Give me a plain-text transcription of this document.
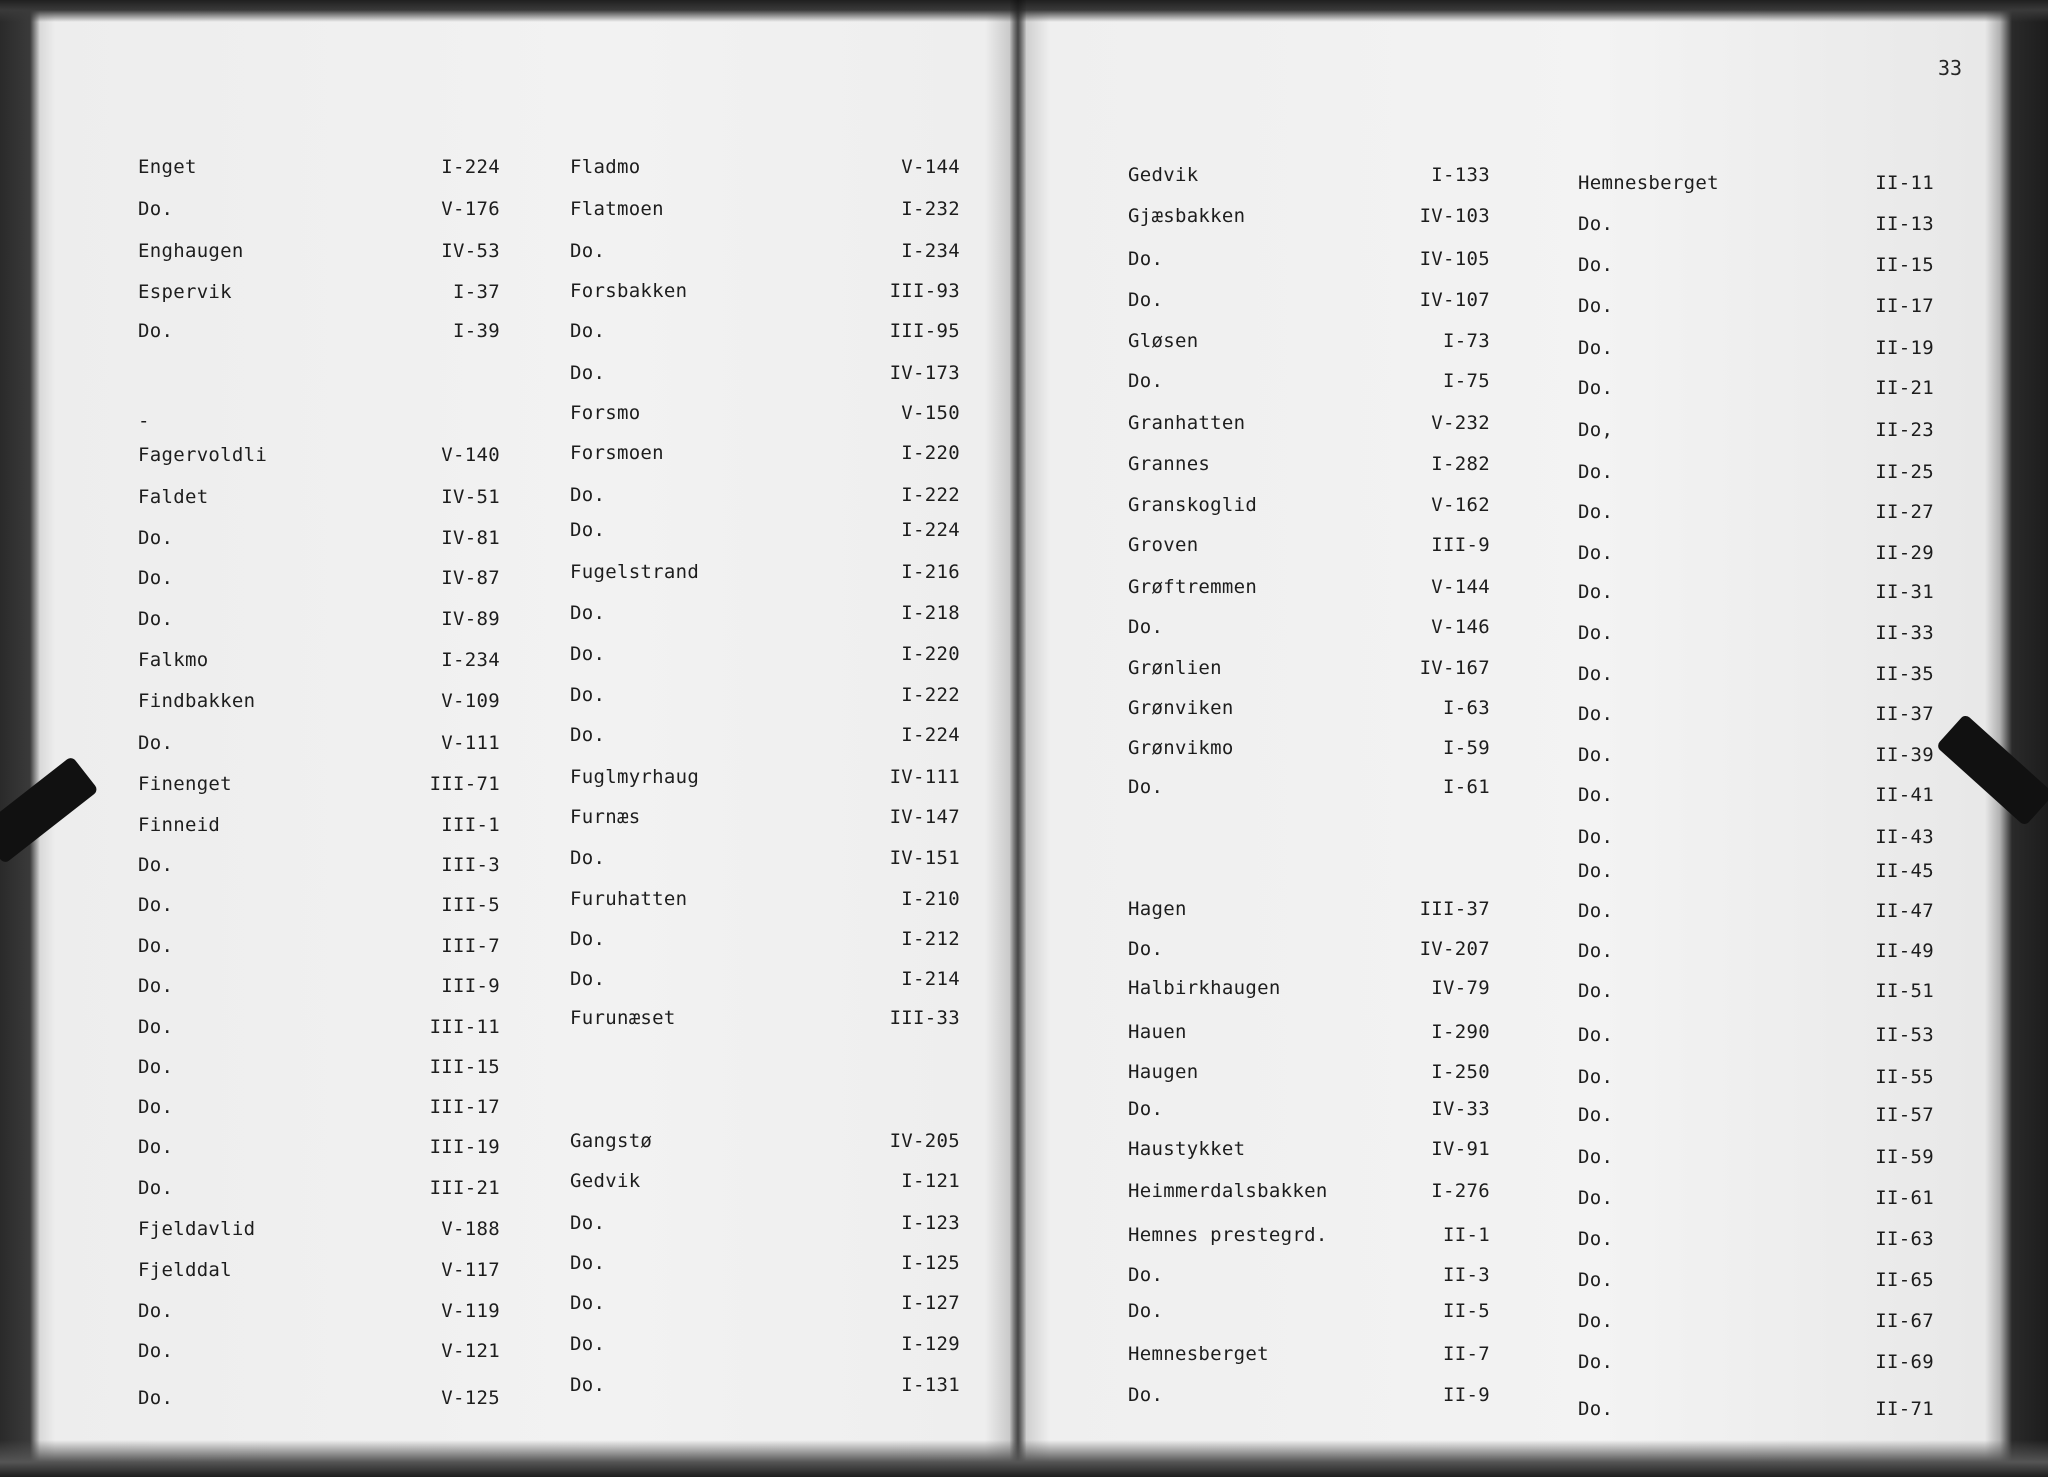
33
Enget	I-224
Do.	V-176
Enghaugen	IV-53
Espervik	I-37
Do.	I-39
-
Fagervoldli	V-140
Faldet	IV-51
Do.	IV-81
Do.	IV-87
Do.	IV-89
Falkmo	I-234
Findbakken	V-109
Do.	V-111
Finenget	III-71
Finneid	III-1
Do.	III-3
Do.	III-5
Do.	III-7
Do.	III-9
Do.	III-11
Do.	III-15
Do.	III-17
Do.	III-19
Do.	III-21
Fjeldavlid	V-188
Fjelddal	V-117
Do.	V-119
Do.	V-121
Do.	V-125
Fladmo	V-144
Flatmoen	I-232
Do.	I-234
Forsbakken	III-93
Do.	III-95
Do.	IV-173
Forsmo	V-150
Forsmoen	I-220
Do.	I-222
Do.	I-224
Fugelstrand	I-216
Do.	I-218
Do.	I-220
Do.	I-222
Do.	I-224
Fuglmyrhaug	IV-111
Furnæs	IV-147
Do.	IV-151
Furuhatten	I-210
Do.	I-212
Do.	I-214
Furunæset	III-33
Gangstø	IV-205
Gedvik	I-121
Do.	I-123
Do.	I-125
Do.	I-127
Do.	I-129
Do.	I-131
Gedvik	I-133
Gjæsbakken	IV-103
Do.	IV-105
Do.	IV-107
Gløsen	I-73
Do.	I-75
Granhatten	V-232
Grannes	I-282
Granskoglid	V-162
Groven	III-9
Grøftremmen	V-144
Do.	V-146
Grønlien	IV-167
Grønviken	I-63
Grønvikmo	I-59
Do.	I-61
Hagen	III-37
Do.	IV-207
Halbirkhaugen	IV-79
Hauen	I-290
Haugen	I-250
Do.	IV-33
Haustykket	IV-91
Heimmerdalsbakken	I-276
Hemnes prestegrd.	II-1
Do.	II-3
Do.	II-5
Hemnesberget	II-7
Do.	II-9
Hemnesberget	II-11
Do.	II-13
Do.	II-15
Do.	II-17
Do.	II-19
Do.	II-21
Do,	II-23
Do.	II-25
Do.	II-27
Do.	II-29
Do.	II-31
Do.	II-33
Do.	II-35
Do.	II-37
Do.	II-39
Do.	II-41
Do.	II-43
Do.	II-45
Do.	II-47
Do.	II-49
Do.	II-51
Do.	II-53
Do.	II-55
Do.	II-57
Do.	II-59
Do.	II-61
Do.	II-63
Do.	II-65
Do.	II-67
Do.	II-69
Do.	II-71
